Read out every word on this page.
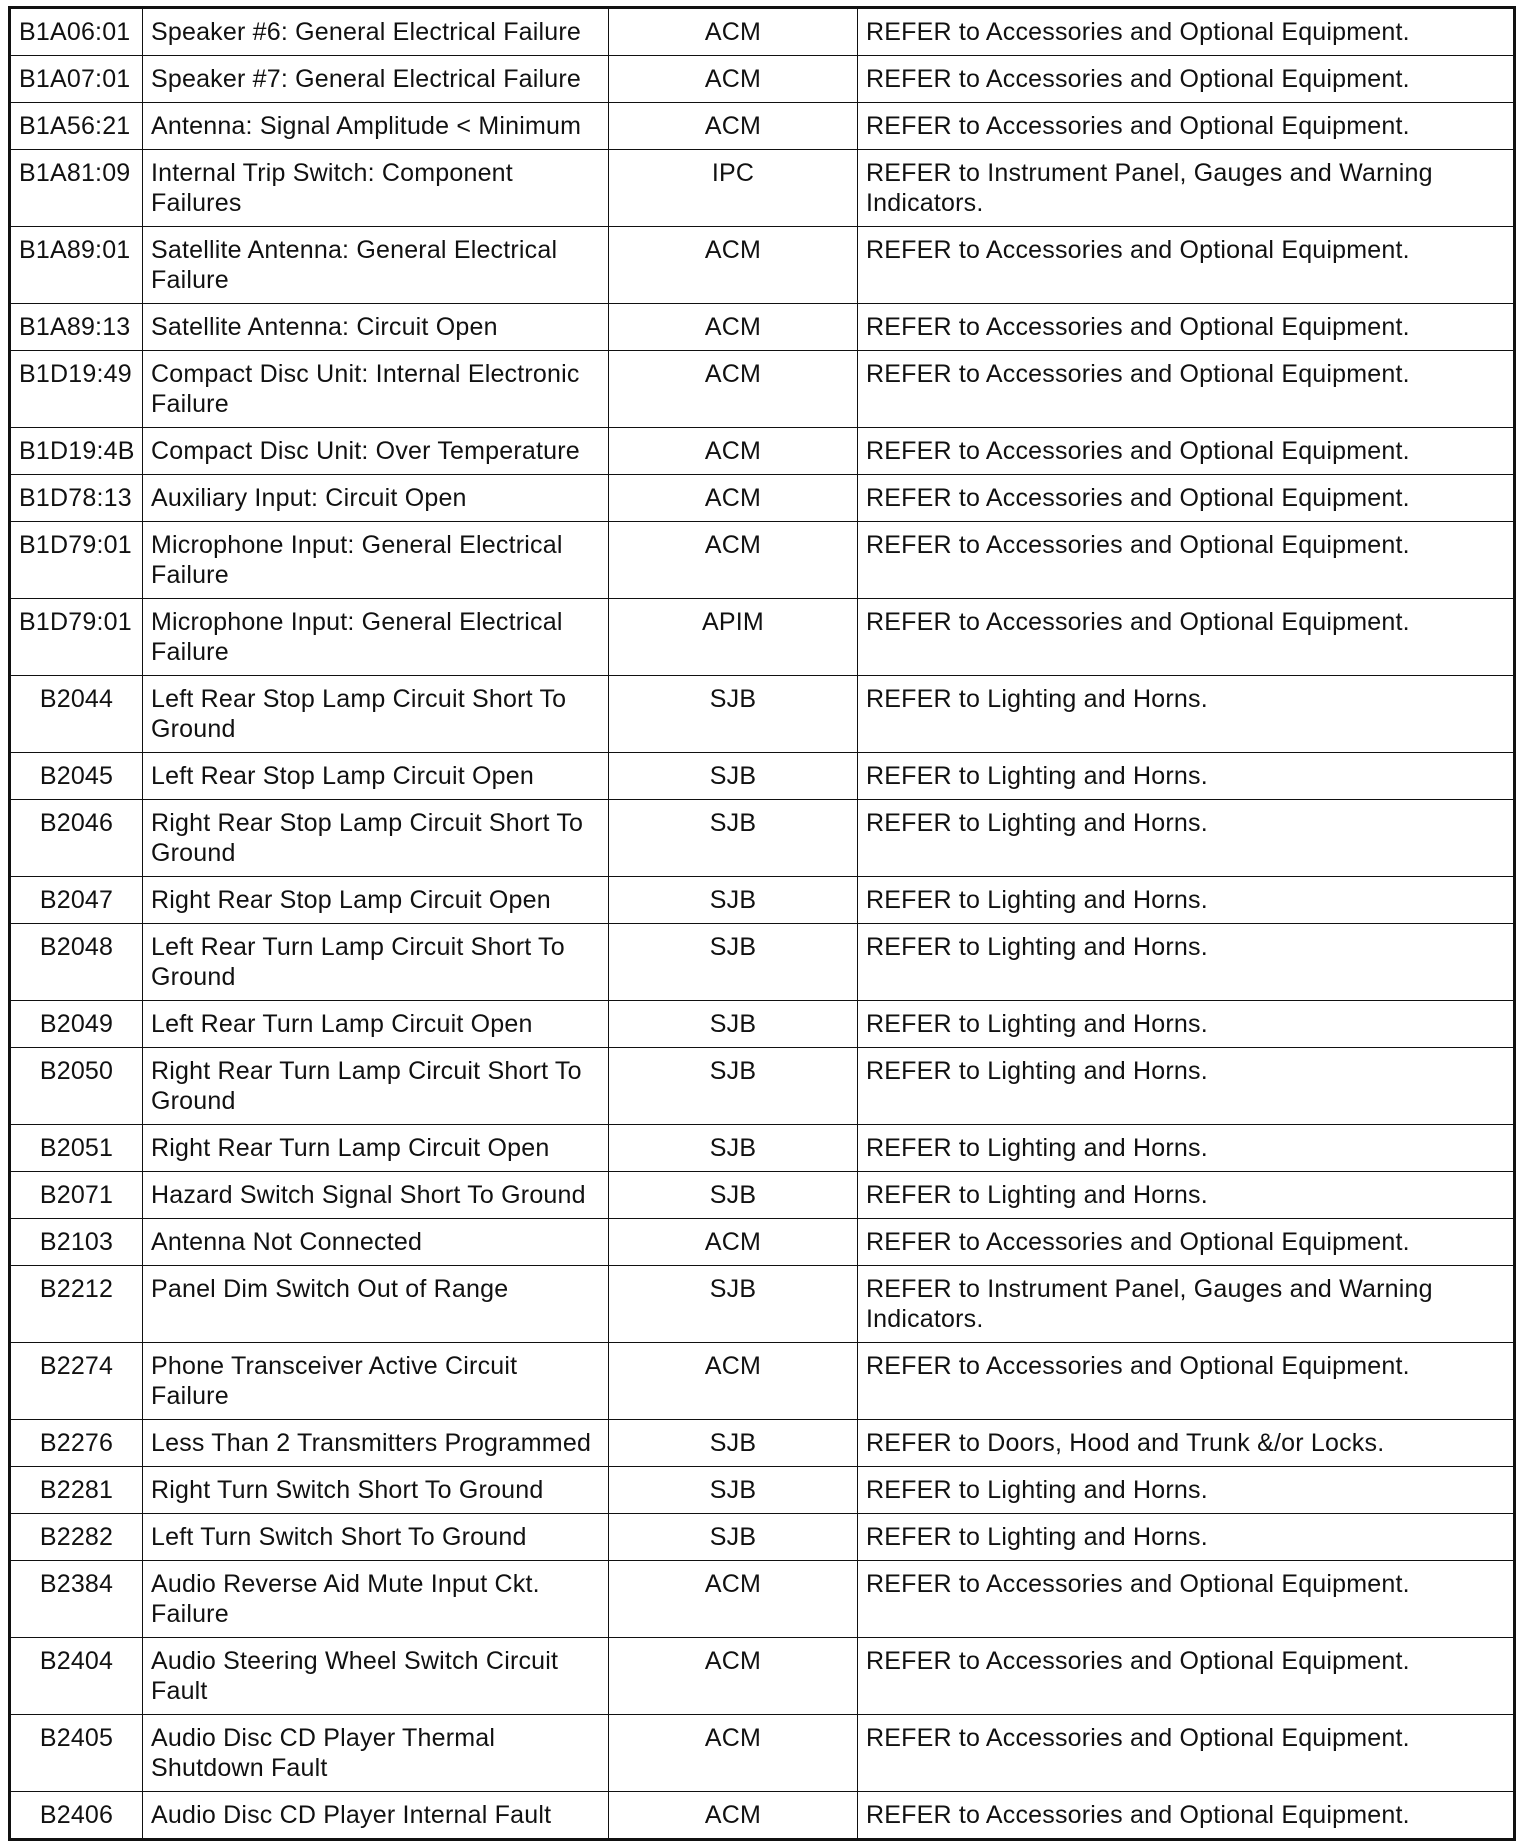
B1A06:01	Speaker #6: General Electrical Failure	ACM	REFER to Accessories and Optional Equipment.
B1A07:01	Speaker #7: General Electrical Failure	ACM	REFER to Accessories and Optional Equipment.
B1A56:21	Antenna: Signal Amplitude < Minimum	ACM	REFER to Accessories and Optional Equipment.
B1A81:09	Internal Trip Switch: Component Failures	IPC	REFER to Instrument Panel, Gauges and Warning Indicators.
B1A89:01	Satellite Antenna: General Electrical Failure	ACM	REFER to Accessories and Optional Equipment.
B1A89:13	Satellite Antenna: Circuit Open	ACM	REFER to Accessories and Optional Equipment.
B1D19:49	Compact Disc Unit: Internal Electronic Failure	ACM	REFER to Accessories and Optional Equipment.
B1D19:4B	Compact Disc Unit: Over Temperature	ACM	REFER to Accessories and Optional Equipment.
B1D78:13	Auxiliary Input: Circuit Open	ACM	REFER to Accessories and Optional Equipment.
B1D79:01	Microphone Input: General Electrical Failure	ACM	REFER to Accessories and Optional Equipment.
B1D79:01	Microphone Input: General Electrical Failure	APIM	REFER to Accessories and Optional Equipment.
B2044	Left Rear Stop Lamp Circuit Short To Ground	SJB	REFER to Lighting and Horns.
B2045	Left Rear Stop Lamp Circuit Open	SJB	REFER to Lighting and Horns.
B2046	Right Rear Stop Lamp Circuit Short To Ground	SJB	REFER to Lighting and Horns.
B2047	Right Rear Stop Lamp Circuit Open	SJB	REFER to Lighting and Horns.
B2048	Left Rear Turn Lamp Circuit Short To Ground	SJB	REFER to Lighting and Horns.
B2049	Left Rear Turn Lamp Circuit Open	SJB	REFER to Lighting and Horns.
B2050	Right Rear Turn Lamp Circuit Short To Ground	SJB	REFER to Lighting and Horns.
B2051	Right Rear Turn Lamp Circuit Open	SJB	REFER to Lighting and Horns.
B2071	Hazard Switch Signal Short To Ground	SJB	REFER to Lighting and Horns.
B2103	Antenna Not Connected	ACM	REFER to Accessories and Optional Equipment.
B2212	Panel Dim Switch Out of Range	SJB	REFER to Instrument Panel, Gauges and Warning Indicators.
B2274	Phone Transceiver Active Circuit Failure	ACM	REFER to Accessories and Optional Equipment.
B2276	Less Than 2 Transmitters Programmed	SJB	REFER to Doors, Hood and Trunk &/or Locks.
B2281	Right Turn Switch Short To Ground	SJB	REFER to Lighting and Horns.
B2282	Left Turn Switch Short To Ground	SJB	REFER to Lighting and Horns.
B2384	Audio Reverse Aid Mute Input Ckt. Failure	ACM	REFER to Accessories and Optional Equipment.
B2404	Audio Steering Wheel Switch Circuit Fault	ACM	REFER to Accessories and Optional Equipment.
B2405	Audio Disc CD Player Thermal Shutdown Fault	ACM	REFER to Accessories and Optional Equipment.
B2406	Audio Disc CD Player Internal Fault	ACM	REFER to Accessories and Optional Equipment.
